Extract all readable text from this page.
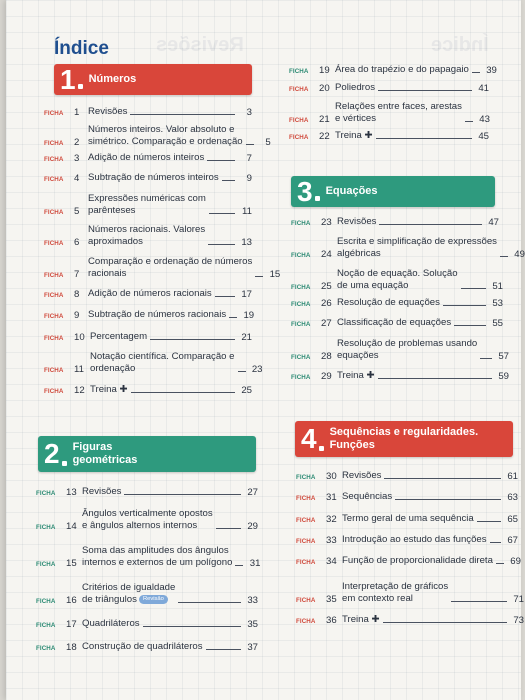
Índice
Revisões
Índice
1 Números
2 Figuras
geométricas
3 Equações
4 Sequências e regularidades.
Funções
FICHA	1 Revisões	3
FICHA	2
Números inteiros. Valor absoluto e
simétrico. Comparação e ordenação	5
FICHA	3 Adição de números inteiros	7
FICHA	4 Subtração de números inteiros	9
FICHA	5
Expressões numéricas com
parênteses	11
FICHA	6
Números racionais. Valores
aproximados	13
FICHA	7
Comparação e ordenação de números
racionais	15
FICHA	8 Adição de números racionais	17
FICHA	9 Subtração de números racionais	19
FICHA	10 Percentagem	21
FICHA	11
Notação científica. Comparação e
ordenação	23
FICHA	12 Treina ✚	25
FICHA	13 Revisões	27
FICHA	14
Ângulos verticalmente opostos
e ângulos alternos internos	29
FICHA	15
Soma das amplitudes dos ângulos
internos e externos de um polígono	31
FICHA	16
Critérios de igualdade
de triângulos Revisão	33
FICHA	17 Quadriláteros	35
FICHA	18 Construção de quadriláteros	37
FICHA	19 Área do trapézio e do papagaio	39
FICHA	20 Poliedros	41
FICHA	21
Relações entre faces, arestas
e vértices	43
FICHA	22 Treina ✚	45
FICHA	23 Revisões	47
FICHA	24
Escrita e simplificação de expressões
algébricas	49
FICHA	25
Noção de equação. Solução
de uma equação	51
FICHA	26 Resolução de equações	53
FICHA	27 Classificação de equações	55
FICHA	28
Resolução de problemas usando
equações	57
FICHA	29 Treina ✚	59
FICHA	30 Revisões	61
FICHA	31 Sequências	63
FICHA	32 Termo geral de uma sequência	65
FICHA	33 Introdução ao estudo das funções	67
FICHA	34 Função de proporcionalidade direta	69
FICHA	35
Interpretação de gráficos
em contexto real	71
FICHA	36 Treina ✚	73
